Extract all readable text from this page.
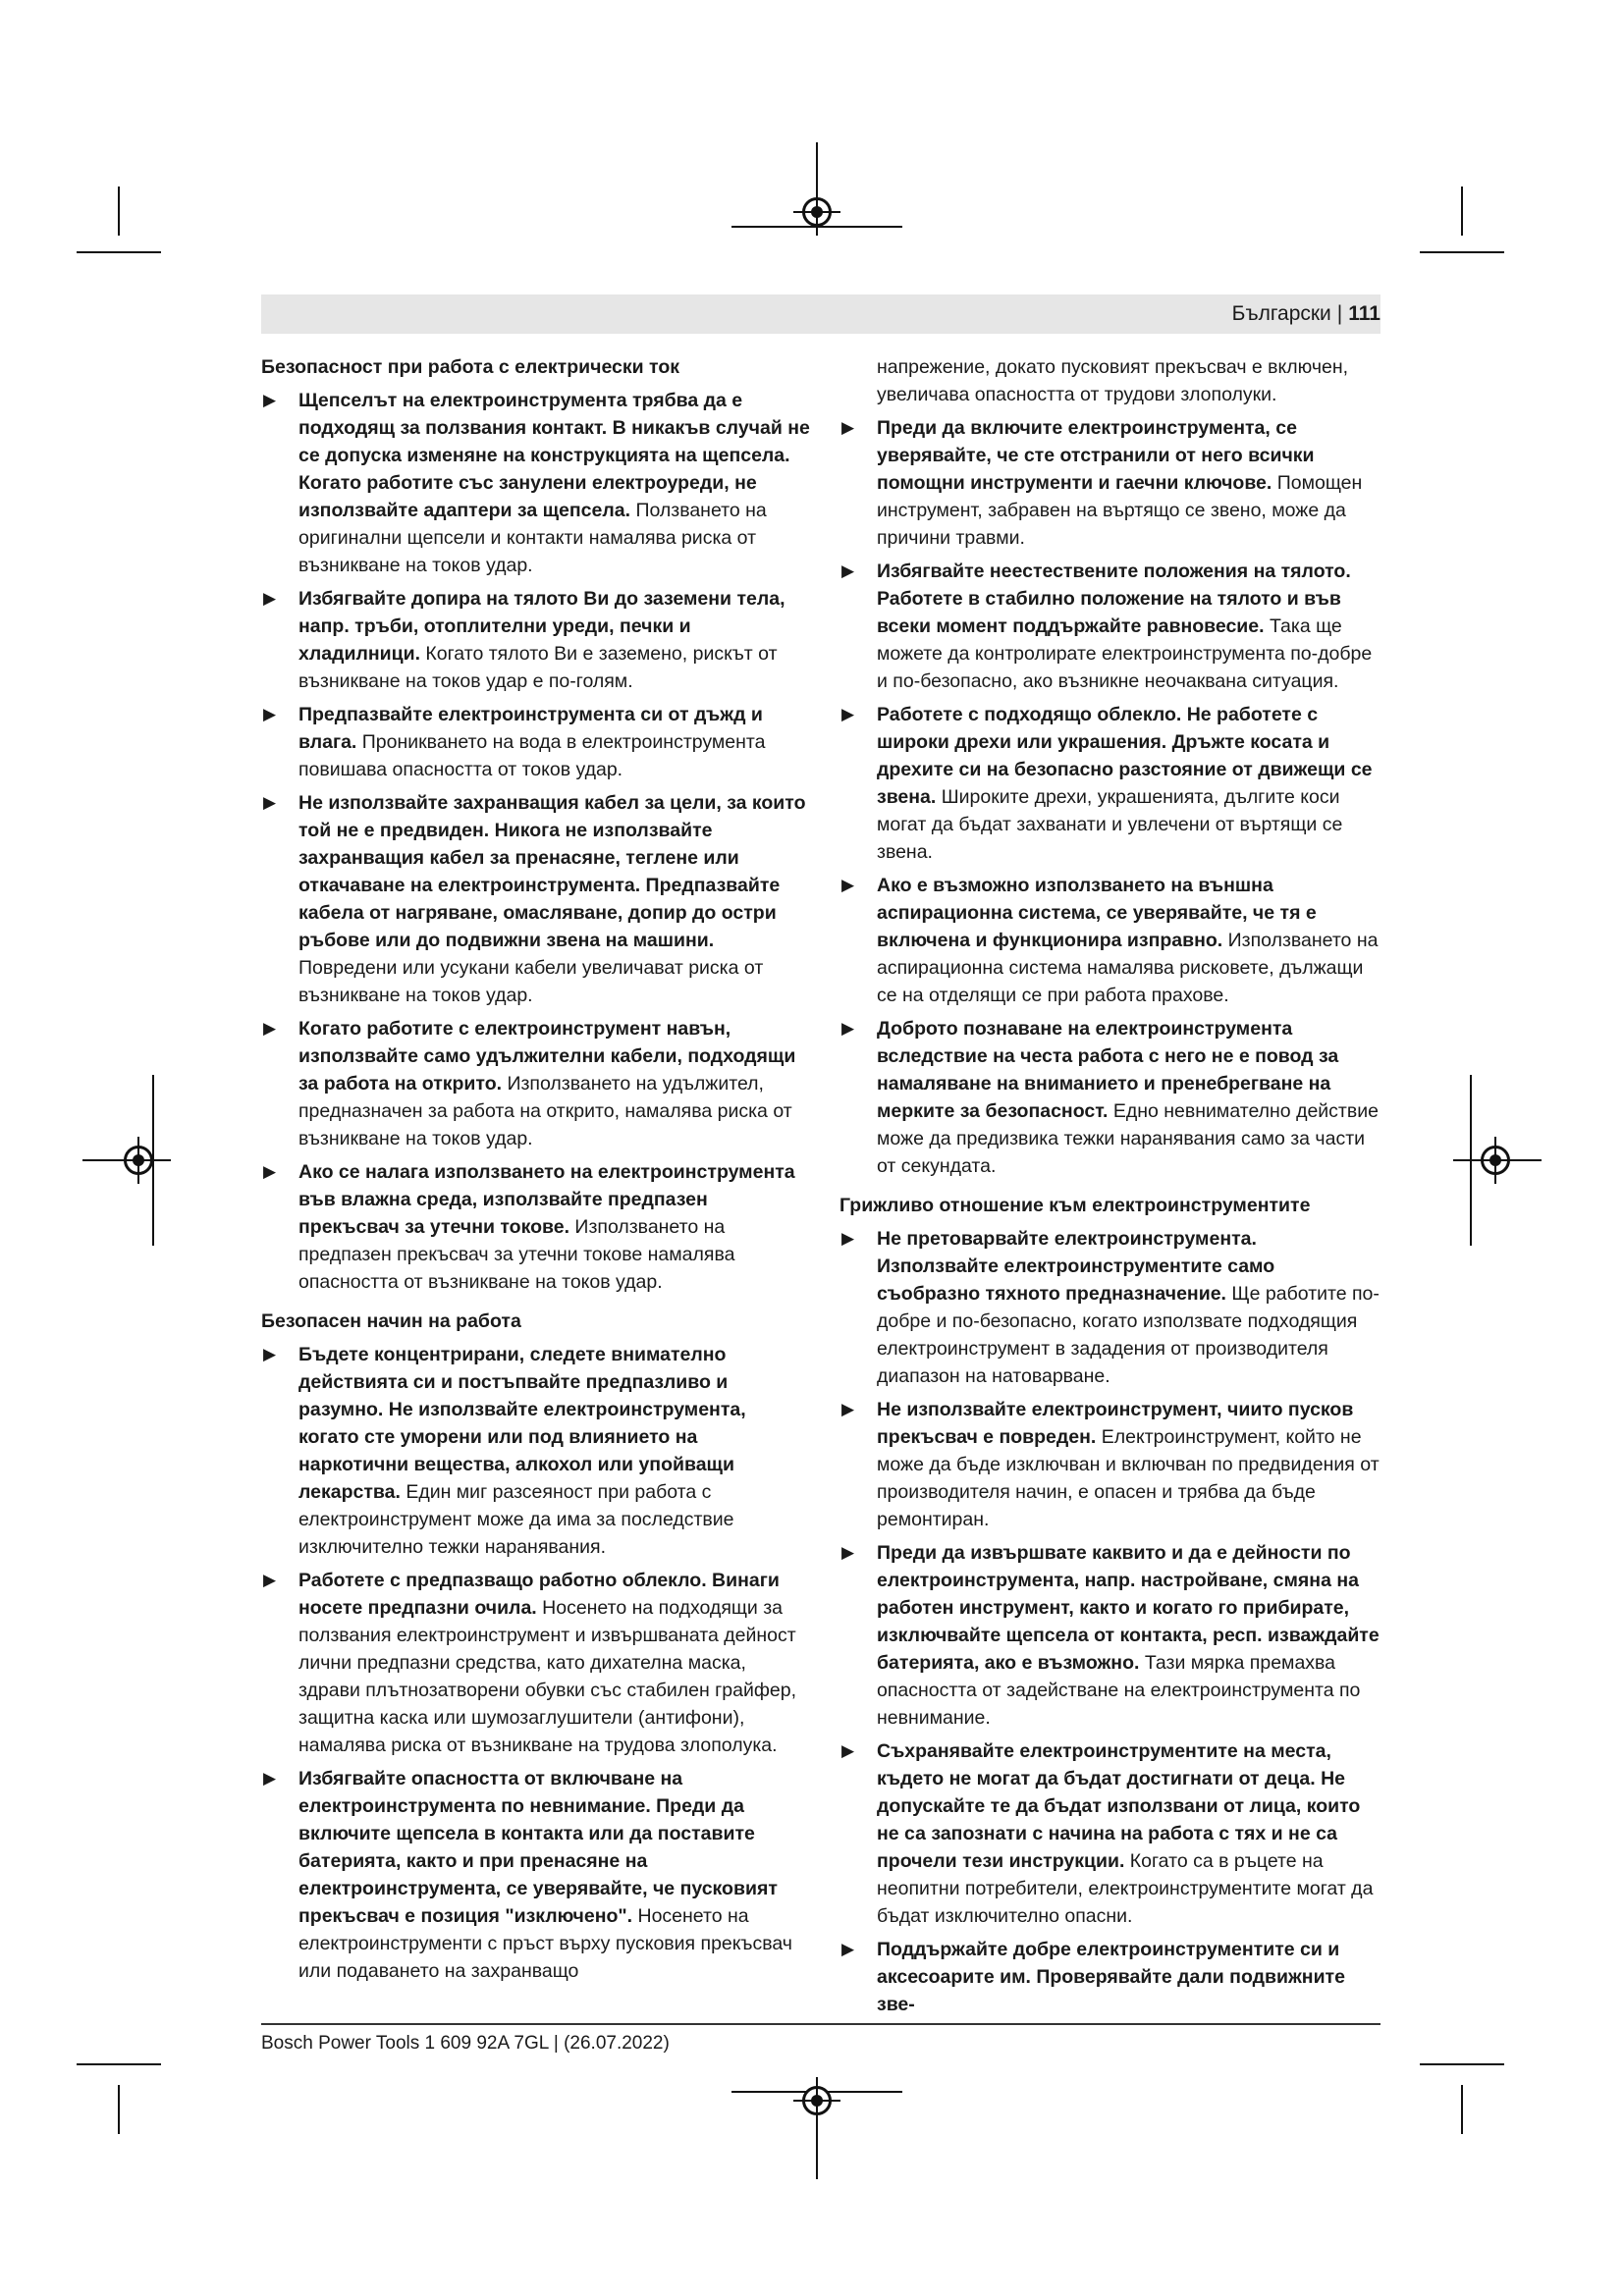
Български | 111
Безопасност при работа с електрически ток
▶ Щепселът на електроинструмента трябва да е подходящ за ползвания контакт. В никакъв случай не се допуска изменяне на конструкцията на щепсела. Когато работите със занулени електроуреди, не използвайте адаптери за щепсела. Ползването на оригинални щепсели и контакти намалява риска от възникване на токов удар.
▶ Избягвайте допира на тялото Ви до заземени тела, напр. тръби, отоплителни уреди, печки и хладилници. Когато тялото Ви е заземено, рискът от възникване на токов удар е по-голям.
▶ Предпазвайте електроинструмента си от дъжд и влага. Проникването на вода в електроинструмента повишава опасността от токов удар.
▶ Не използвайте захранващия кабел за цели, за които той не е предвиден. Никога не използвайте захранващия кабел за пренасяне, теглене или откачаване на електроинструмента. Предпазвайте кабела от нагряване, омасляване, допир до остри ръбове или до подвижни звена на машини. Повредени или усукани кабели увеличават риска от възникване на токов удар.
▶ Когато работите с електроинструмент навън, използвайте само удължителни кабели, подходящи за работа на открито. Използването на удължител, предназначен за работа на открито, намалява риска от възникване на токов удар.
▶ Ако се налага използването на електроинструмента във влажна среда, използвайте предпазен прекъсвач за утечни токове. Използването на предпазен прекъсвач за утечни токове намалява опасността от възникване на токов удар.
Безопасен начин на работа
▶ Бъдете концентрирани, следете внимателно действията си и постъпвайте предпазливо и разумно. Не използвайте електроинструмента, когато сте уморени или под влиянието на наркотични вещества, алкохол или упойващи лекарства. Един миг разсеяност при работа с електроинструмент може да има за последствие изключително тежки наранявания.
▶ Работете с предпазващо работно облекло. Винаги носете предпазни очила. Носенето на подходящи за ползвания електроинструмент и извършваната дейност лични предпазни средства, като дихателна маска, здрави плътнозатворени обувки със стабилен грайфер, защитна каска или шумозаглушители (антифони), намалява риска от възникване на трудова злополука.
▶ Избягвайте опасността от включване на електроинструмента по невнимание. Преди да включите щепсела в контакта или да поставите батерията, както и при пренасяне на електроинструмента, се уверявайте, че пусковият прекъсвач е позиция "изключено". Носенето на електроинструменти с пръст върху пусковия прекъсвач или подаването на захранващо
напрежение, докато пусковият прекъсвач е включен, увеличава опасността от трудови злополуки.
▶ Преди да включите електроинструмента, се уверявайте, че сте отстранили от него всички помощни инструменти и гаечни ключове. Помощен инструмент, забравен на въртящо се звено, може да причини травми.
▶ Избягвайте неестествените положения на тялото. Работете в стабилно положение на тялото и във всеки момент поддържайте равновесие. Така ще можете да контролирате електроинструмента по-добре и по-безопасно, ако възникне неочаквана ситуация.
▶ Работете с подходящо облекло. Не работете с широки дрехи или украшения. Дръжте косата и дрехите си на безопасно разстояние от движещи се звена. Широките дрехи, украшенията, дългите коси могат да бъдат захванати и увлечени от въртящи се звена.
▶ Ако е възможно използването на външна аспирационна система, се уверявайте, че тя е включена и функционира изправно. Използването на аспирационна система намалява рисковете, дължащи се на отделящи се при работа прахове.
▶ Доброто познаване на електроинструмента вследствие на честа работа с него не е повод за намаляване на вниманието и пренебрегване на мерките за безопасност. Едно невнимателно действие може да предизвика тежки наранявания само за части от секундата.
Грижливо отношение към електроинструментите
▶ Не претоварвайте електроинструмента. Използвайте електроинструментите само съобразно тяхното предназначение. Ще работите по-добре и по-безопасно, когато използвате подходящия електроинструмент в зададения от производителя диапазон на натоварване.
▶ Не използвайте електроинструмент, чиито пусков прекъсвач е повреден. Електроинструмент, който не може да бъде изключван и включван по предвидения от производителя начин, е опасен и трябва да бъде ремонтиран.
▶ Преди да извършвате каквито и да е дейности по електроинструмента, напр. настройване, смяна на работен инструмент, както и когато го прибирате, изключвайте щепсела от контакта, респ. изваждайте батерията, ако е възможно. Тази мярка премахва опасността от задействане на електроинструмента по невнимание.
▶ Съхранявайте електроинструментите на места, където не могат да бъдат достигнати от деца. Не допускайте те да бъдат използвани от лица, които не са запознати с начина на работа с тях и не са прочели тези инструкции. Когато са в ръцете на неопитни потребители, електроинструментите могат да бъдат изключително опасни.
▶ Поддържайте добре електроинструментите си и аксесоарите им. Проверявайте дали подвижните зве-
Bosch Power Tools 1 609 92A 7GL | (26.07.2022)
